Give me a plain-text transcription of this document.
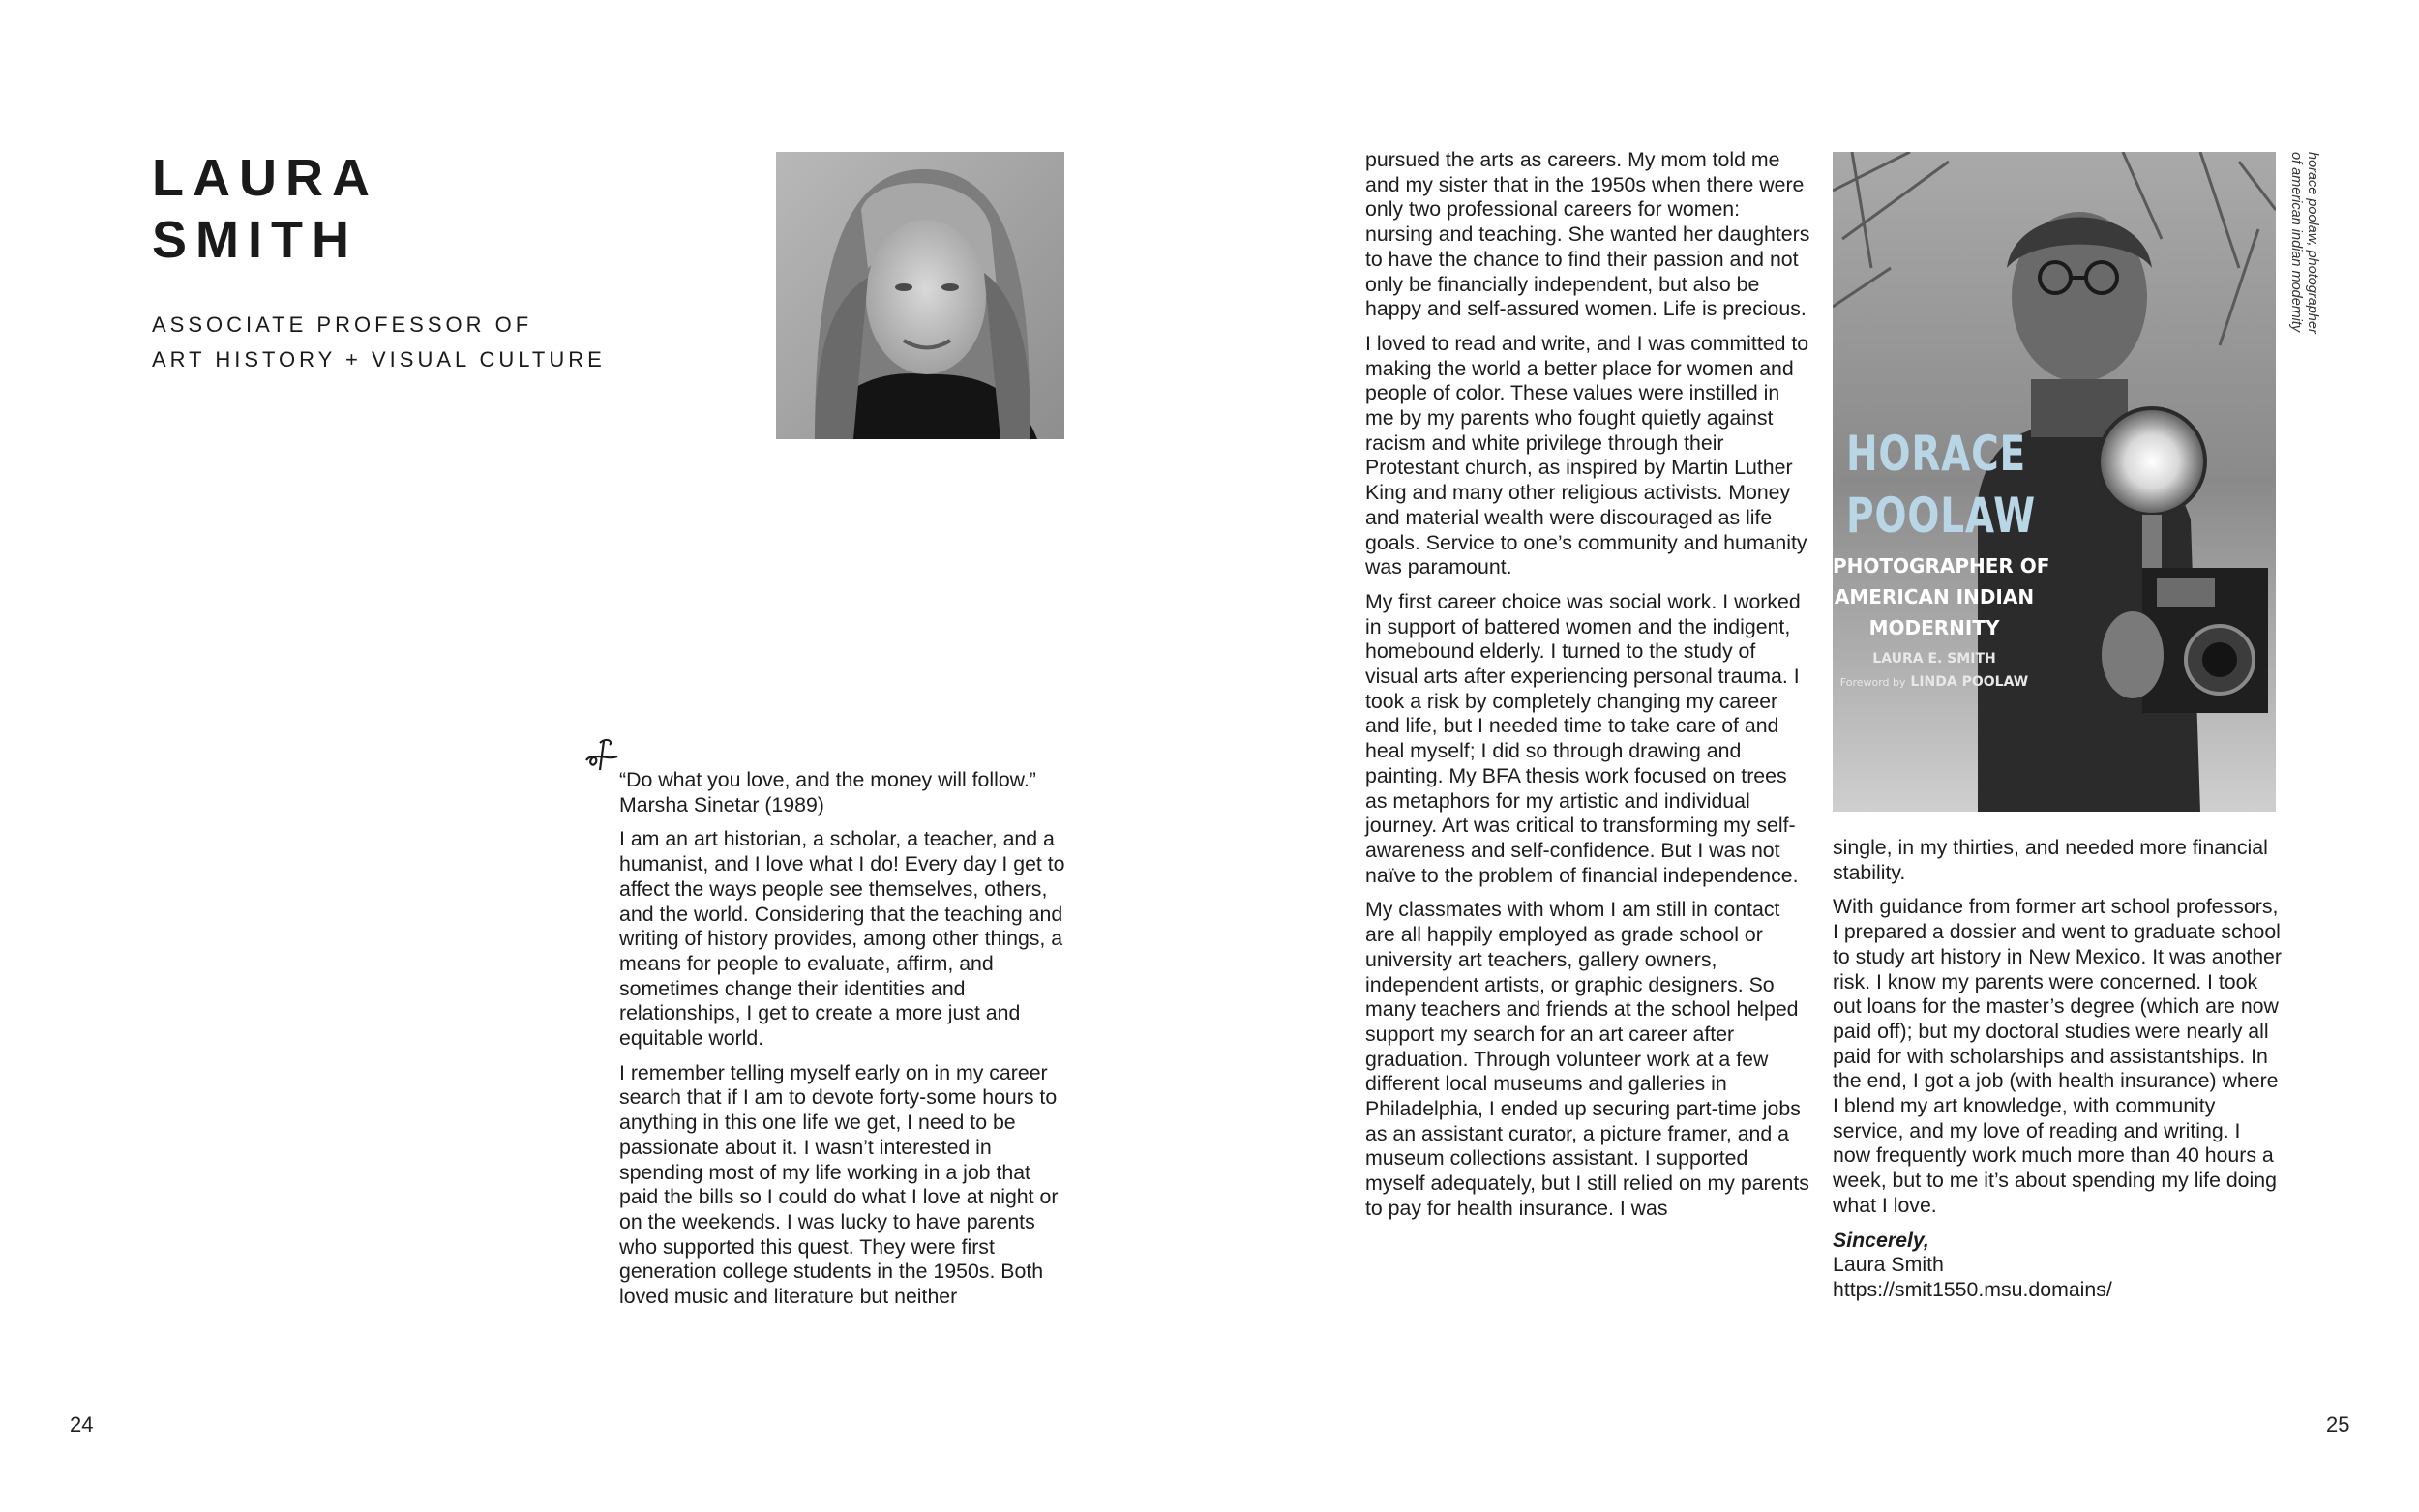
LAURA
SMITH
ASSOCIATE PROFESSOR OF
ART HISTORY + VISUAL CULTURE

“Do what you love, and the money will follow.” Marsha Sinetar (1989)

I am an art historian, a scholar, a teacher, and a humanist, and I love what I do! Every day I get to affect the ways people see themselves, others, and the world. Considering that the teaching and writing of history provides, among other things, a means for people to evaluate, affirm, and sometimes change their identities and relationships, I get to create a more just and equitable world.

I remember telling myself early on in my career search that if I am to devote forty-some hours to anything in this one life we get, I need to be passionate about it. I wasn’t interested in spending most of my life working in a job that paid the bills so I could do what I love at night or on the weekends. I was lucky to have parents who supported this quest. They were first generation college students in the 1950s. Both loved music and literature but neither

24

pursued the arts as careers. My mom told me and my sister that in the 1950s when there were only two professional careers for women: nursing and teaching. She wanted her daughters to have the chance to find their passion and not only be financially independent, but also be happy and self-assured women. Life is precious.

I loved to read and write, and I was committed to making the world a better place for women and people of color. These values were instilled in me by my parents who fought quietly against racism and white privilege through their Protestant church, as inspired by Martin Luther King and many other religious activists. Money and material wealth were discouraged as life goals. Service to one’s community and humanity was paramount.

My first career choice was social work. I worked in support of battered women and the indigent, homebound elderly. I turned to the study of visual arts after experiencing personal trauma. I took a risk by completely changing my career and life, but I needed time to take care of and heal myself; I did so through drawing and painting. My BFA thesis work focused on trees as metaphors for my artistic and individual journey. Art was critical to transforming my self-awareness and self-confidence. But I was not naïve to the problem of financial independence.

My classmates with whom I am still in contact are all happily employed as grade school or university art teachers, gallery owners, independent artists, or graphic designers. So many teachers and friends at the school helped support my search for an art career after graduation. Through volunteer work at a few different local museums and galleries in Philadelphia, I ended up securing part-time jobs as an assistant curator, a picture framer, and a museum collections assistant. I supported myself adequately, but I still relied on my parents to pay for health insurance. I was

HORACE
POOLAW
PHOTOGRAPHER OF
AMERICAN INDIAN
MODERNITY
LAURA E. SMITH
Foreword by LINDA POOLAW
horace poolaw, photographer
of american indian modernity

single, in my thirties, and needed more financial stability.

With guidance from former art school professors, I prepared a dossier and went to graduate school to study art history in New Mexico. It was another risk. I know my parents were concerned. I took out loans for the master’s degree (which are now paid off); but my doctoral studies were nearly all paid for with scholarships and assistantships. In the end, I got a job (with health insurance) where I blend my art knowledge, with community service, and my love of reading and writing. I now frequently work much more than 40 hours a week, but to me it’s about spending my life doing what I love.

Sincerely,
Laura Smith
https://smit1550.msu.domains/
25
